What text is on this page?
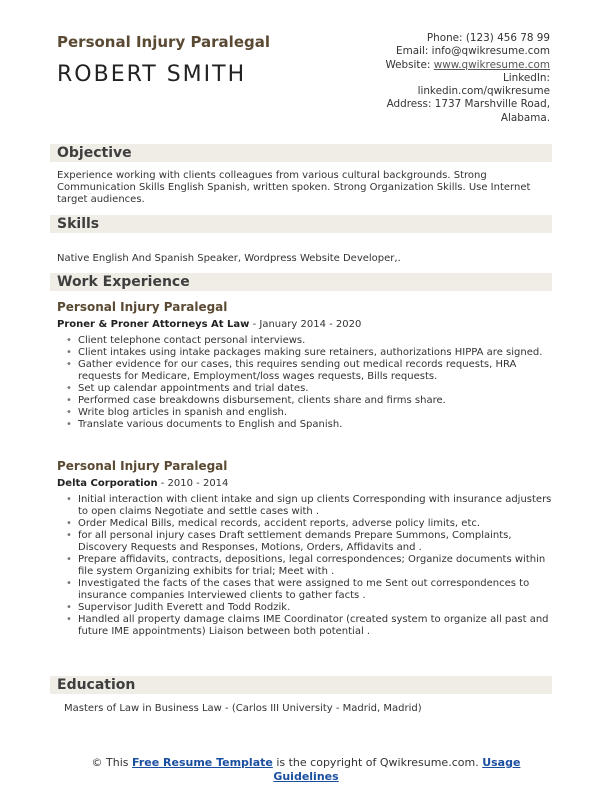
Personal Injury Paralegal
ROBERT SMITH
Phone: (123) 456 78 99
Email: info@qwikresume.com
Website: www.qwikresume.com
LinkedIn:
linkedin.com/qwikresume
Address: 1737 Marshville Road,
Alabama.
Objective
Experience working with clients colleagues from various cultural backgrounds. Strong Communication Skills English Spanish, written spoken. Strong Organization Skills. Use Internet target audiences.
Skills
Native English And Spanish Speaker, Wordpress Website Developer,.
Work Experience
Personal Injury Paralegal
Proner & Proner Attorneys At Law - January 2014 - 2020
• Client telephone contact personal interviews.
• Client intakes using intake packages making sure retainers, authorizations HIPPA are signed.
• Gather evidence for our cases, this requires sending out medical records requests, HRA requests for Medicare, Employment/loss wages requests, Bills requests.
• Set up calendar appointments and trial dates.
• Performed case breakdowns disbursement, clients share and firms share.
• Write blog articles in spanish and english.
• Translate various documents to English and Spanish.
Personal Injury Paralegal
Delta Corporation - 2010 - 2014
• Initial interaction with client intake and sign up clients Corresponding with insurance adjusters to open claims Negotiate and settle cases with .
• Order Medical Bills, medical records, accident reports, adverse policy limits, etc.
• for all personal injury cases Draft settlement demands Prepare Summons, Complaints, Discovery Requests and Responses, Motions, Orders, Affidavits and .
• Prepare affidavits, contracts, depositions, legal correspondences; Organize documents within file system Organizing exhibits for trial; Meet with .
• Investigated the facts of the cases that were assigned to me Sent out correspondences to insurance companies Interviewed clients to gather facts .
• Supervisor Judith Everett and Todd Rodzik.
• Handled all property damage claims IME Coordinator (created system to organize all past and future IME appointments) Liaison between both potential .
Education
Masters of Law in Business Law - (Carlos III University - Madrid, Madrid)
© This Free Resume Template is the copyright of Qwikresume.com. Usage
Guidelines
